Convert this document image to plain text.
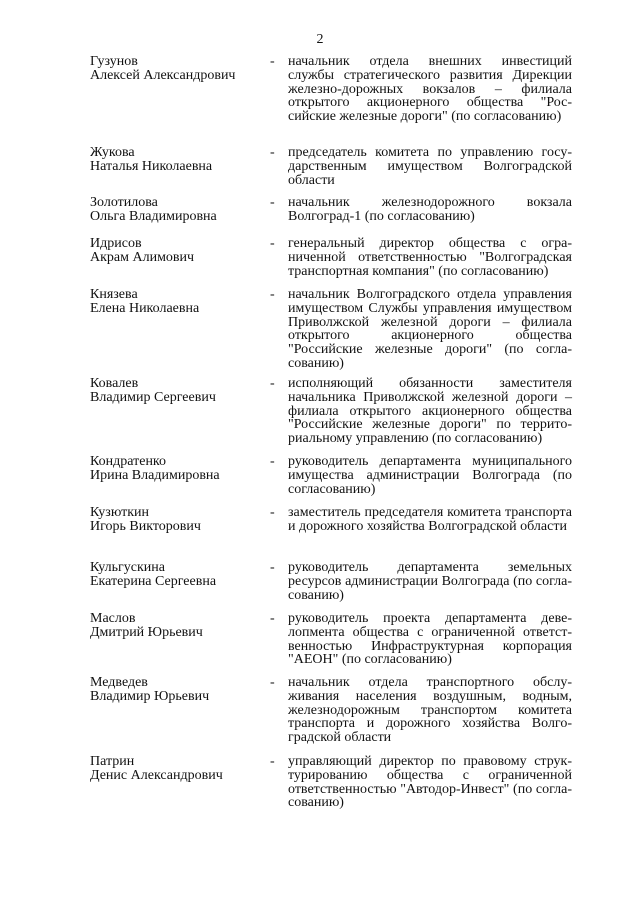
2
Гузунов
Алексей Александрович
- начальник отдела внешних инвестиций службы стратегического развития Дирекции железно-дорожных вокзалов – филиала открытого акционерного общества "Российские железные дороги" (по согласованию)
Жукова
Наталья Николаевна
- председатель комитета по управлению государственным имуществом Волгоградской области
Золотилова
Ольга Владимировна
- начальник железнодорожного вокзала Волгоград-1 (по согласованию)
Идрисов
Акрам Алимович
- генеральный директор общества с ограниченной ответственностью "Волгоградская транспортная компания" (по согласованию)
Князева
Елена Николаевна
- начальник Волгоградского отдела управления имуществом Службы управления имуществом Приволжской железной дороги – филиала открытого акционерного общества "Российские железные дороги" (по согласованию)
Ковалев
Владимир Сергеевич
- исполняющий обязанности заместителя начальника Приволжской железной дороги – филиала открытого акционерного общества "Российские железные дороги" по территориальному управлению (по согласованию)
Кондратенко
Ирина Владимировна
- руководитель департамента муниципального имущества администрации Волгограда (по согласованию)
Кузюткин
Игорь Викторович
- заместитель председателя комитета транспорта и дорожного хозяйства Волгоградской области
Кульгускина
Екатерина Сергеевна
- руководитель департамента земельных ресурсов администрации Волгограда (по согласованию)
Маслов
Дмитрий Юрьевич
- руководитель проекта департамента девелопмента общества с ограниченной ответственностью Инфраструктурная корпорация "АЕОН" (по согласованию)
Медведев
Владимир Юрьевич
- начальник отдела транспортного обслуживания населения воздушным, водным, железнодорожным транспортом комитета транспорта и дорожного хозяйства Волгоградской области
Патрин
Денис Александрович
- управляющий директор по правовому структурированию общества с ограниченной ответственностью "Автодор-Инвест" (по согласованию)
